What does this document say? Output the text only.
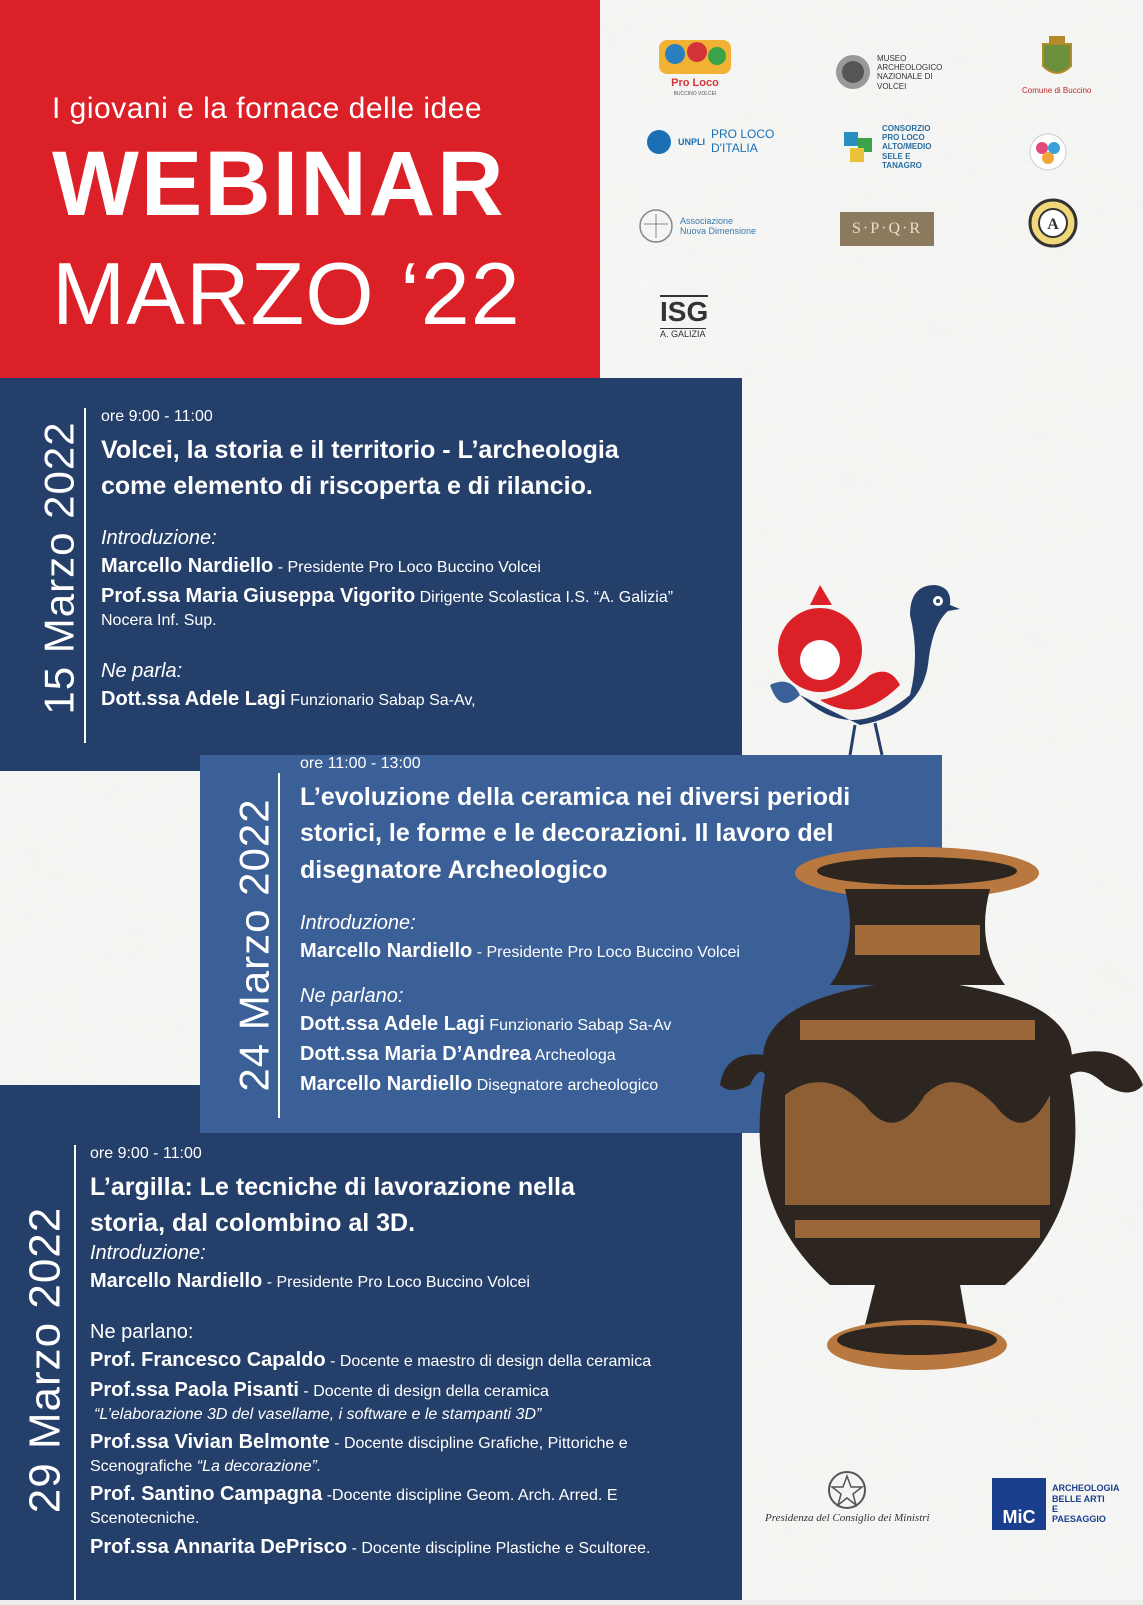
I giovani e la fornace delle idee
WEBINAR
MARZO ‘22
Pro Loco
BUCCINO VOLCEI
MUSEO ARCHEOLOGICO NAZIONALE DI VOLCEI	Comune di Buccino
UNPLI
PRO LOCO D'ITALIA
CONSORZIO PRO LOCO ALTO/MEDIO SELE E TANAGRO
Associazione Nuova Dimensione	S·P·Q·R	A
ISG
A. GALIZIA
15 Marzo 2022
ore 9:00 - 11:00
Volcei, la storia e il territorio - L’archeologia
come elemento di riscoperta e di rilancio.
Introduzione:
Marcello Nardiello - Presidente Pro Loco Buccino Volcei
Prof.ssa Maria Giuseppa Vigorito Dirigente Scolastica I.S. “A. Galizia” Nocera Inf. Sup.
Ne parla:
Dott.ssa Adele Lagi Funzionario Sabap Sa-Av,
29 Marzo 2022
ore 9:00 - 11:00
L’argilla: Le tecniche di lavorazione nella
storia, dal colombino al 3D.
Introduzione:
Marcello Nardiello - Presidente Pro Loco Buccino Volcei
Ne parlano:
Prof. Francesco Capaldo - Docente e maestro di design della ceramica
Prof.ssa Paola Pisanti - Docente di design della ceramica
“L’elaborazione 3D del vasellame, i software e le stampanti 3D”
Prof.ssa Vivian Belmonte - Docente discipline Grafiche, Pittoriche e Scenografiche “La decorazione”.
Prof. Santino Campagna -Docente discipline Geom. Arch. Arred. E Scenotecniche.
Prof.ssa Annarita DePrisco - Docente discipline Plastiche e Scultoree.
24 Marzo 2022
ore 11:00 - 13:00
L’evoluzione della ceramica nei diversi periodi
storici, le forme e le decorazioni. Il lavoro del
disegnatore Archeologico
Introduzione:
Marcello Nardiello - Presidente Pro Loco Buccino Volcei
Ne parlano:
Dott.ssa Adele Lagi Funzionario Sabap Sa-Av
Dott.ssa Maria D’Andrea Archeologa
Marcello Nardiello Disegnatore archeologico
Presidenza del Consiglio dei Ministri	MiC
ARCHEOLOGIA BELLE ARTI E PAESAGGIO
